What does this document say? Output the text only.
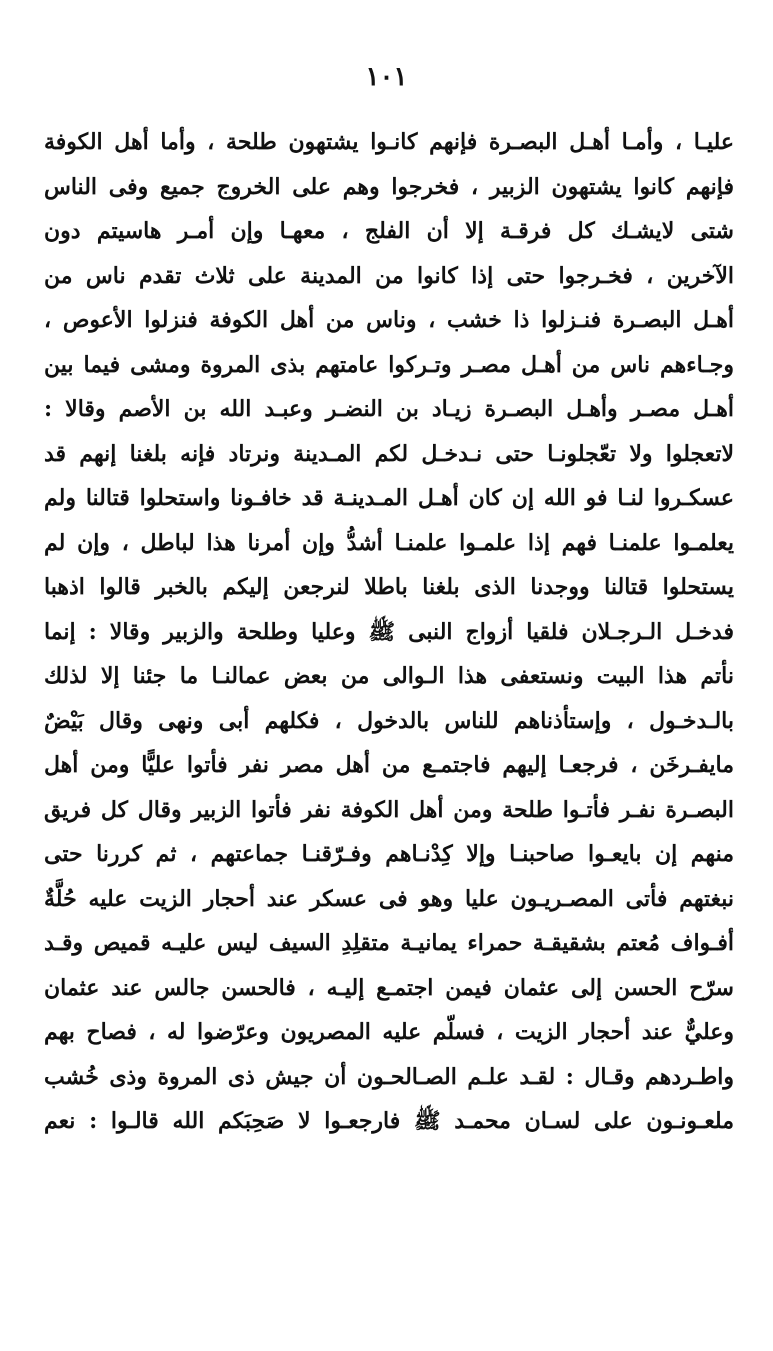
١٠١
عليـا ، وأمـا أهـل البصـرة فإنهم كانـوا يشتهون طلحة ، وأما أهل الكوفة
فإنهم كانوا يشتهون الزبير ، فخرجوا وهم على الخروج جميع وفى الناس
شتى لايشـك كل فرقـة إلا أن الفلج ، معهـا وإن أمـر هاسيتم دون
الآخرين ، فخـرجوا حتى إذا كانوا من المدينة على ثلاث تقدم ناس من
أهـل البصـرة فنـزلوا ذا خشب ، وناس من أهل الكوفة فنزلوا الأعوص ،
وجـاءهم ناس من أهـل مصـر وتـركوا عامتهم بذى المروة ومشى فيما بين
أهـل مصـر وأهـل البصـرة زيـاد بن النضـر وعبـد الله بن الأصم وقالا :
لاتعجلوا ولا تعّجلونـا حتى نـدخـل لكم المـدينة ونرتاد فإنه بلغنا إنهم قد
عسكـروا لنـا فو الله إن كان أهـل المـدينـة قد خافـونا واستحلوا قتالنا ولم
يعلمـوا علمنـا فهم إذا علمـوا علمنـا أشدُّ وإن أمرنا هذا لباطل ، وإن لم
يستحلوا قتالنا ووجدنا الذى بلغنا باطلا لنرجعن إليكم بالخبر قالوا اذهبا
فدخـل الـرجـلان فلقيا أزواج النبى ﷺ وعليا وطلحة والزبير وقالا : إنما
نأتم هذا البيت ونستعفى هذا الـوالى من بعض عمالنـا ما جئنا إلا لذلك
بالـدخـول ، وإستأذناهم للناس بالدخول ، فكلهم أبى ونهى وقال بَيْضٌ
مايفـرخَن ، فرجعـا إليهم فاجتمـع من أهل مصر نفر فأتوا عليًّا ومن أهل
البصـرة نفـر فأتـوا طلحة ومن أهل الكوفة نفر فأتوا الزبير وقال كل فريق
منهم إن بايعـوا صاحبنـا وإلا كِدْنـاهم وفـرّقنـا جماعتهم ، ثم كررنا حتى
نبغتهم فأتى المصـريـون عليا وهو فى عسكر عند أحجار الزيت عليه حُلَّةٌ
أفـواف مُعتم بشقيقـة حمراء يمانيـة متقلِدِ السيف ليس عليـه قميص وقـد
سرّح الحسن إلى عثمان فيمن اجتمـع إليـه ، فالحسن جالس عند عثمان
وعليٌّ عند أحجار الزيت ، فسلّم عليه المصريون وعرّضوا له ، فصاح بهم
واطـردهم وقـال : لقـد علـم الصـالحـون أن جيش ذى المروة وذى خُشب
ملعـونـون على لسـان محمـد ﷺ فارجعـوا لا صَحِبَكم الله قالـوا : نعم
